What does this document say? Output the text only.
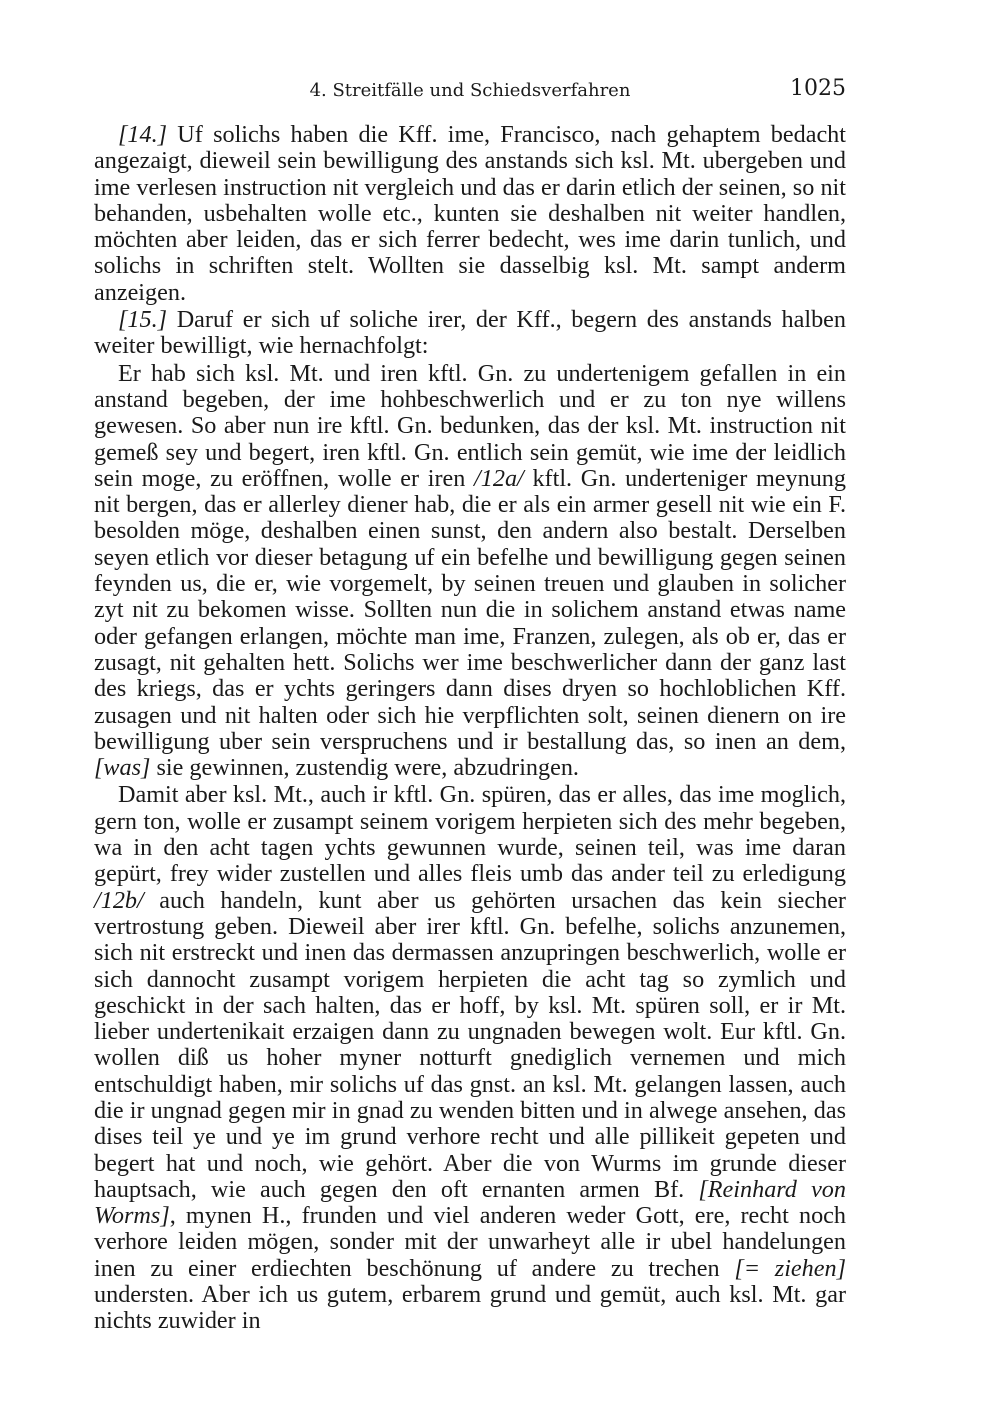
4. Streitfälle und Schiedsverfahren	1025

[14.] Uf solichs haben die Kff. ime, Francisco, nach gehaptem bedacht angezaigt, dieweil sein bewilligung des anstands sich ksl. Mt. ubergeben und ime verlesen instruction nit vergleich und das er darin etlich der seinen, so nit behanden, usbehalten wolle etc., kunten sie deshalben nit weiter handlen, möchten aber leiden, das er sich ferrer bedecht, wes ime darin tunlich, und solichs in schriften stelt. Wollten sie dasselbig ksl. Mt. sampt anderm anzeigen.

[15.] Daruf er sich uf soliche irer, der Kff., begern des anstands halben weiter bewilligt, wie hernachfolgt:

Er hab sich ksl. Mt. und iren kftl. Gn. zu undertenigem gefallen in ein anstand begeben, der ime hohbeschwerlich und er zu ton nye willens gewesen. So aber nun ire kftl. Gn. bedunken, das der ksl. Mt. instruction nit gemeß sey und begert, iren kftl. Gn. entlich sein gemüt, wie ime der leidlich sein moge, zu eröffnen, wolle er iren /12a/ kftl. Gn. underteniger meynung nit bergen, das er allerley diener hab, die er als ein armer gesell nit wie ein F. besolden möge, deshalben einen sunst, den andern also bestalt. Derselben seyen etlich vor dieser betagung uf ein befelhe und bewilligung gegen seinen feynden us, die er, wie vorgemelt, by seinen treuen und glauben in solicher zyt nit zu bekomen wisse. Sollten nun die in solichem anstand etwas name oder gefangen erlangen, möchte man ime, Franzen, zulegen, als ob er, das er zusagt, nit gehalten hett. Solichs wer ime beschwerlicher dann der ganz last des kriegs, das er ychts geringers dann dises dryen so hochloblichen Kff. zusagen und nit halten oder sich hie verpflichten solt, seinen dienern on ire bewilligung uber sein verspruchens und ir bestallung das, so inen an dem, [was] sie gewinnen, zustendig were, abzudringen.

Damit aber ksl. Mt., auch ir kftl. Gn. spüren, das er alles, das ime moglich, gern ton, wolle er zusampt seinem vorigem herpieten sich des mehr begeben, wa in den acht tagen ychts gewunnen wurde, seinen teil, was ime daran gepürt, frey wider zustellen und alles fleis umb das ander teil zu erledigung /12b/ auch handeln, kunt aber us gehörten ursachen das kein siecher vertrostung geben. Dieweil aber irer kftl. Gn. befelhe, solichs anzunemen, sich nit erstreckt und inen das dermassen anzupringen beschwerlich, wolle er sich dannocht zusampt vorigem herpieten die acht tag so zymlich und geschickt in der sach halten, das er hoff, by ksl. Mt. spüren soll, er ir Mt. lieber undertenikait erzaigen dann zu ungnaden bewegen wolt. Eur kftl. Gn. wollen diß us hoher myner notturft gnediglich vernemen und mich entschuldigt haben, mir solichs uf das gnst. an ksl. Mt. gelangen lassen, auch die ir ungnad gegen mir in gnad zu wenden bitten und in alwege ansehen, das dises teil ye und ye im grund verhore recht und alle pillikeit gepeten und begert hat und noch, wie gehört. Aber die von Wurms im grunde dieser hauptsach, wie auch gegen den oft ernanten armen Bf. [Reinhard von Worms], mynen H., frunden und viel anderen weder Gott, ere, recht noch verhore leiden mögen, sonder mit der unwarheyt alle ir ubel handelungen inen zu einer erdiechten beschönung uf andere zu trechen [= ziehen] understen. Aber ich us gutem, erbarem grund und gemüt, auch ksl. Mt. gar nichts zuwider in
